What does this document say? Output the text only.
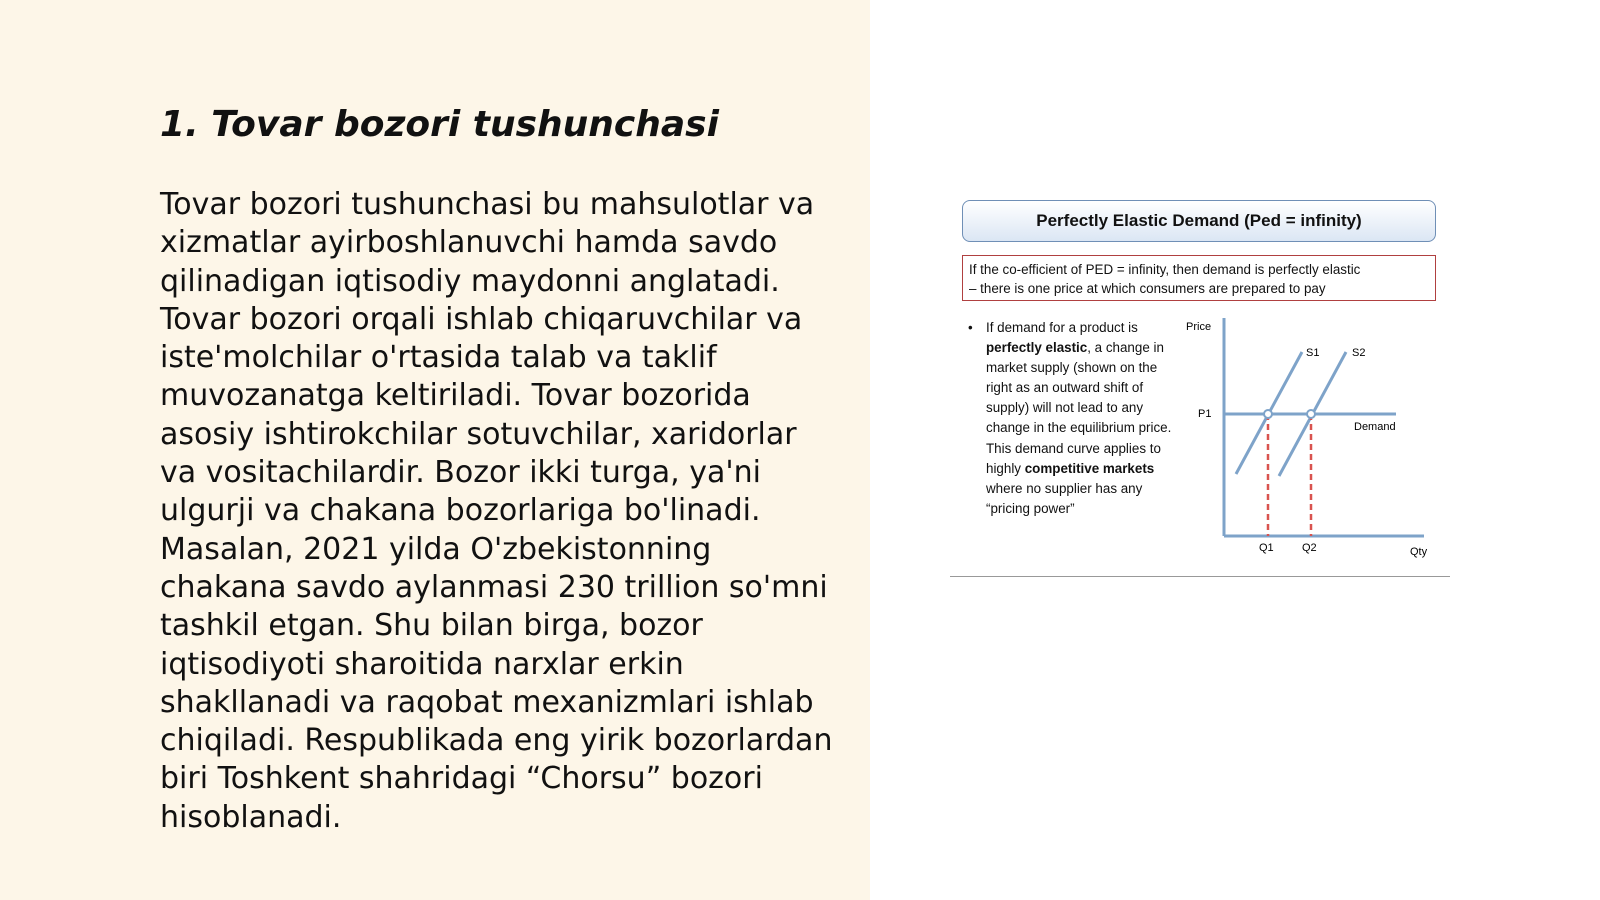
1. Tovar bozori tushunchasi

Tovar bozori tushunchasi bu mahsulotlar va xizmatlar ayirboshlanuvchi hamda savdo qilinadigan iqtisodiy maydonni anglatadi. Tovar bozori orqali ishlab chiqaruvchilar va iste'molchilar o'rtasida talab va taklif muvozanatga keltiriladi. Tovar bozorida asosiy ishtirokchilar sotuvchilar, xaridorlar va vositachilardir. Bozor ikki turga, ya'ni ulgurji va chakana bozorlariga bo'linadi. Masalan, 2021 yilda O'zbekistonning chakana savdo aylanmasi 230 trillion so'mni tashkil etgan. Shu bilan birga, bozor iqtisodiyoti sharoitida narxlar erkin shakllanadi va raqobat mexanizmlari ishlab chiqiladi. Respublikada eng yirik bozorlardan biri Toshkent shahridagi “Chorsu” bozori hisoblanadi.

Perfectly Elastic Demand (Ped = infinity)
If the co-efficient of PED = infinity, then demand is perfectly elastic
– there is one price at which consumers are prepared to pay
• If demand for a product is perfectly elastic, a change in market supply (shown on the right as an outward shift of supply) will not lead to any change in the equilibrium price. This demand curve applies to highly competitive markets where no supplier has any “pricing power”
Price
P1
S1	S2
Demand
Q1	Q2	Qty
